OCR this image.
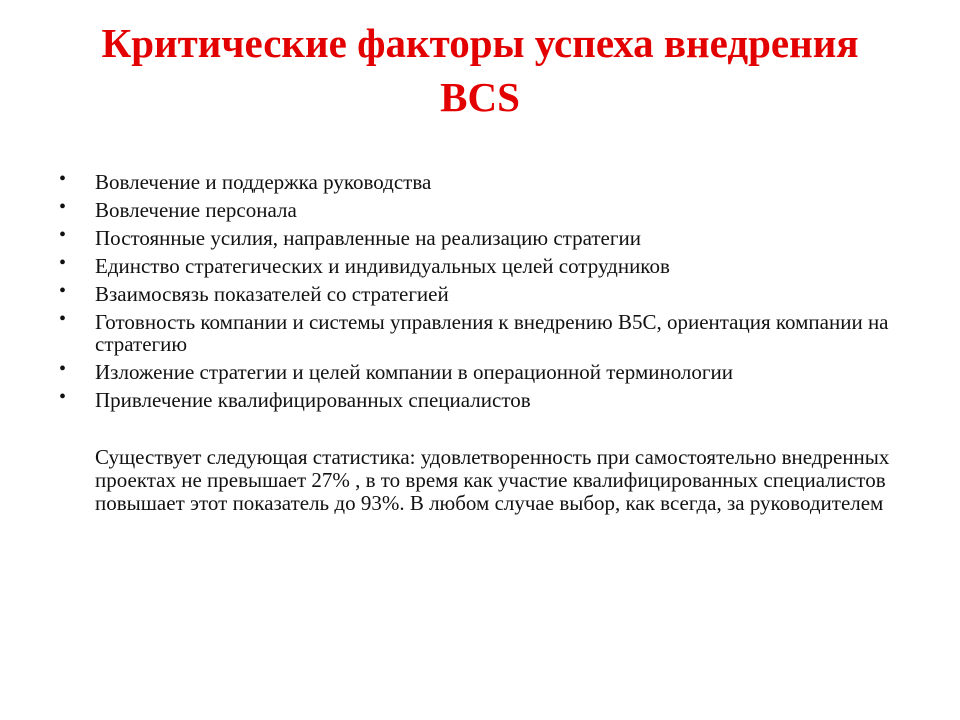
Критические факторы успеха внедрения
BCS
• Вовлечение и поддержка руководства
• Вовлечение персонала
• Постоянные усилия, направленные на реализацию стратегии
• Единство стратегических и индивидуальных целей сотрудников
• Взаимосвязь показателей со стратегией
• Готовность компании и системы управления к внедрению B5C, ориентация компании на стратегию
• Изложение стратегии и целей компании в операционной терминологии
• Привлечение квалифицированных специалистов

Существует следующая статистика: удовлетворенность при самостоятельно внедренных проектах не превышает 27% , в то время как участие квалифицированных специалистов повышает этот показатель до 93%. В любом случае выбор, как всегда, за руководителем
